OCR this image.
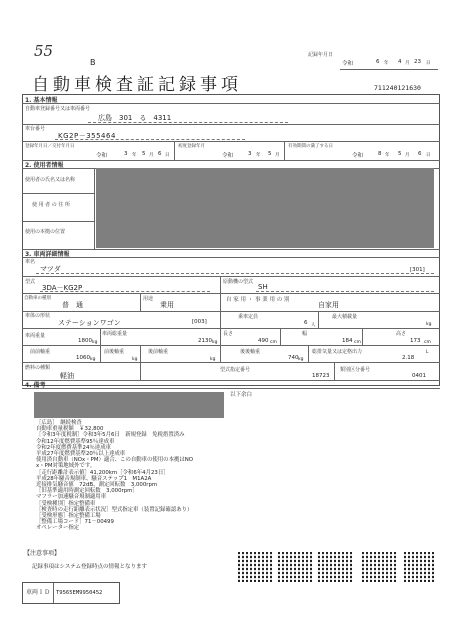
55
B
記録年月日
令和	6 年 4 月 23 日
自動車検査証記録事項	711240121630
1. 基本情報
自動車登録番号又は車両番号
広島　301　る　4311
車台番号
KG2P－355464
登録年月日／交付年月日
令和	3 年 5 月 6 日
初度登録年月
令和	3 年 5 月
有効期間の満了する日
令和	8 年 5 月 6 日
2. 使用者情報
使用者の氏名又は名称
使 用 者 の 住 所
使用の本拠の位置
3. 車両詳細情報
車名
マツダ	[301]
型式
3DA－KG2P
原動機の型式
SH
自動車の種別
普　通
用途
乗用
自 家 用 ・ 事 業 用 の 別
自家用
車体の形状
ステーションワゴン	[003]
乗車定員
6 人
最大積載量
kg
車両重量
1800 kg
車両総重量
2130 kg
長さ
490 cm
幅
184 cm
高さ
173 cm
前前軸重
1060 kg
前後軸重
kg
後前軸重
kg
後後軸重
740 kg
総排気量又は定格出力
2.18
L
燃料の種類
軽油
型式指定番号
18723
類別区分番号
0401
4. 備考
以下余白
［広島］　継続検査
自動車重量税額　￥32,800
［令和3年度税制］令和3年5月6日　新規登録　免税措置済み
令和12年度燃費基準95％達成車
令和2年度燃費基準24％達成車
平成27年度燃費基準20％以上達成車
使用済自動車（NOx・PM）適合、この自動車の使用の本拠はNO
x・PM対策地域外です。
［走行距離計表示値］41,200km［令和6年4月23日］
平成28年騒音規制車、騒音ステップ1　M1A2A
近接排気騒音値　72dB、測定回転数　3,000rpm
［旧基準適用時測定回転数　3,000rpm］
マフラー加速騒音規制適用車
［受検種別］指定整備車
［検査時の走行距離表示状況］型式指定車（装置記録確認あり）
［受検形態］指定整備工場
［整備工場コード］71－00499
オペレーター指定
【注意事項】
記録事項はシステム登録時点の情報となります
車両ＩＤ T9565EM9950452
